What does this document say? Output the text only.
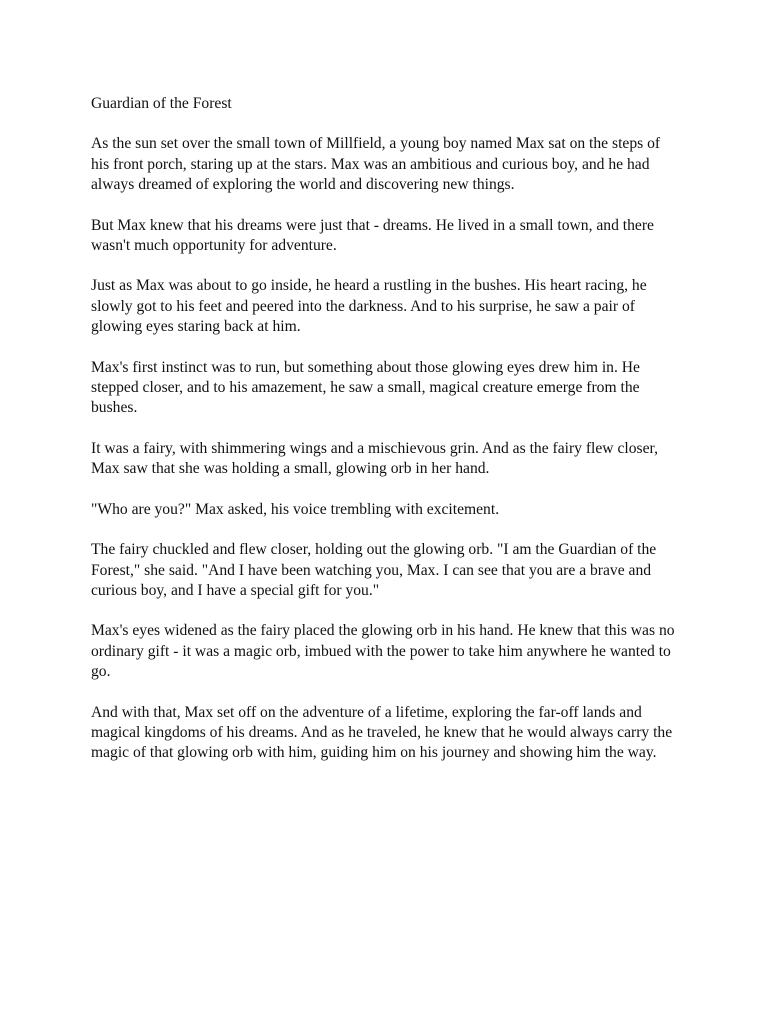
Guardian of the Forest

As the sun set over the small town of Millfield, a young boy named Max sat on the steps of his front porch, staring up at the stars. Max was an ambitious and curious boy, and he had always dreamed of exploring the world and discovering new things.

But Max knew that his dreams were just that - dreams. He lived in a small town, and there wasn't much opportunity for adventure.

Just as Max was about to go inside, he heard a rustling in the bushes. His heart racing, he slowly got to his feet and peered into the darkness. And to his surprise, he saw a pair of glowing eyes staring back at him.

Max's first instinct was to run, but something about those glowing eyes drew him in. He stepped closer, and to his amazement, he saw a small, magical creature emerge from the bushes.

It was a fairy, with shimmering wings and a mischievous grin. And as the fairy flew closer, Max saw that she was holding a small, glowing orb in her hand.

"Who are you?" Max asked, his voice trembling with excitement.

The fairy chuckled and flew closer, holding out the glowing orb. "I am the Guardian of the Forest," she said. "And I have been watching you, Max. I can see that you are a brave and curious boy, and I have a special gift for you."

Max's eyes widened as the fairy placed the glowing orb in his hand. He knew that this was no ordinary gift - it was a magic orb, imbued with the power to take him anywhere he wanted to go.

And with that, Max set off on the adventure of a lifetime, exploring the far-off lands and magical kingdoms of his dreams. And as he traveled, he knew that he would always carry the magic of that glowing orb with him, guiding him on his journey and showing him the way.
